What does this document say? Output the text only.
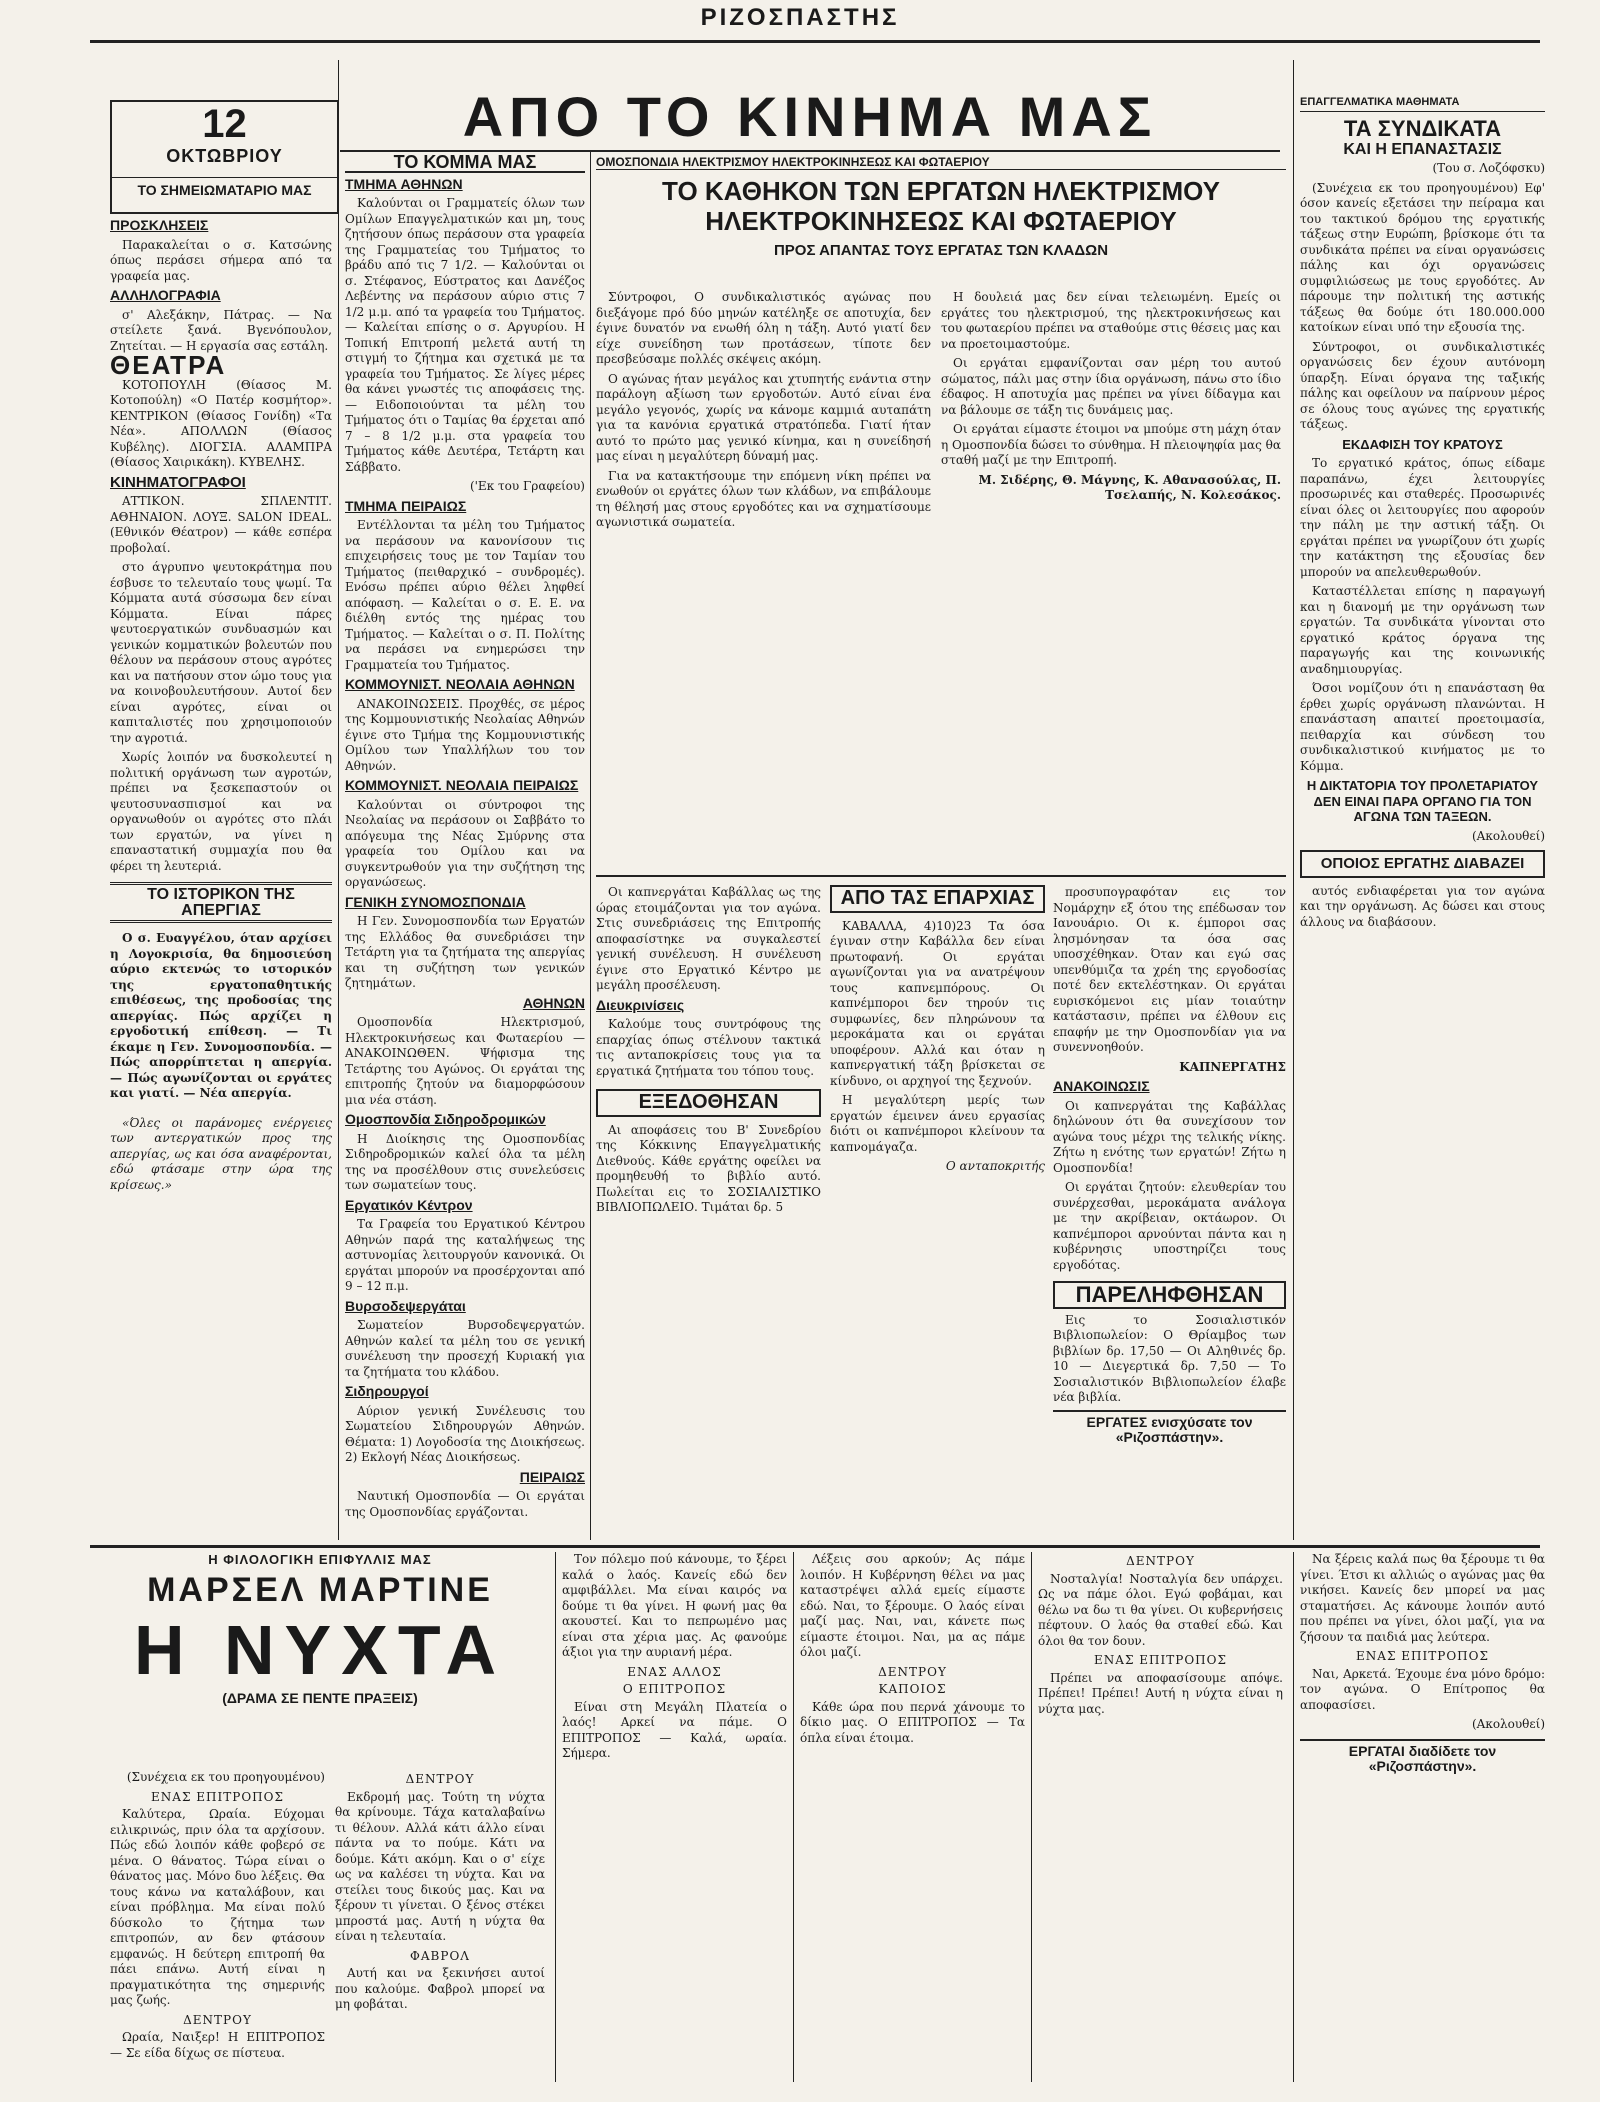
ΡΙΖΟΣΠΑΣΤΗΣ
ΑΠΟ ΤΟ ΚΙΝΗΜΑ ΜΑΣ
12
ΟΚΤΩΒΡΙΟΥ
ΤΟ ΣΗΜΕΙΩΜΑΤΑΡΙΟ ΜΑΣ

ΠΡΟΣΚΛΗΣΕΙΣ

Παρακαλείται ο σ. Κατσώνης όπως περάσει σήμερα από τα γραφεία μας.

ΑΛΛΗΛΟΓΡΑΦΙΑ

σ' Αλεξάκην, Πάτρας. — Να στείλετε ξανά. Βγενόπουλον, Ζητείται. — Η εργασία σας εστάλη.

ΘΕΑΤΡΑ

ΚΟΤΟΠΟΥΛΗ (Θίασος Μ. Κοτοπούλη) «Ο Πατέρ κοσμήτορ». ΚΕΝΤΡΙΚΟΝ (Θίασος Γονίδη) «Τα Νέα». ΑΠΟΛΛΩΝ (Θίασος Κυβέλης). ΔΙΟΓΣΙΑ. ΑΛΑΜΠΡΑ (Θίασος Χαιρικάκη). ΚΥΒΕΛΗΣ.

ΚΙΝΗΜΑΤΟΓΡΑΦΟΙ

ΑΤΤΙΚΟΝ. ΣΠΛΕΝΤΙΤ. ΑΘΗΝΑΙΟΝ. ΛΟΥΞ. SALON IDEAL. (Εθνικόν Θέατρον) — κάθε εσπέρα προβολαί.

στο άγρυπνο ψευτοκράτημα που έσβυσε το τελευταίο τους ψωμί. Τα Κόμματα αυτά σύσσωμα δεν είναι Κόμματα. Είναι πάρες ψευτοεργατικών συνδυασμών και γενικών κομματικών βολευτών που θέλουν να περάσουν στους αγρότες και να πατήσουν στον ώμο τους για να κοινοβουλευτήσουν. Αυτοί δεν είναι αγρότες, είναι οι καπιταλιστές που χρησιμοποιούν την αγροτιά.

Χωρίς λοιπόν να δυσκολευτεί η πολιτική οργάνωση των αγροτών, πρέπει να ξεσκεπαστούν οι ψευτοσυνασπισμοί και να οργανωθούν οι αγρότες στο πλάι των εργατών, να γίνει η επαναστατική συμμαχία που θα φέρει τη λευτεριά.

ΤΟ ΙΣΤΟΡΙΚΟΝ ΤΗΣ ΑΠΕΡΓΙΑΣ

Ο σ. Ευαγγέλου, όταν αρχίσει η Λογοκρισία, θα δημοσιεύση αύριο εκτενώς το ιστορικόν της εργατοπαθητικής επιθέσεως, της προδοσίας της απεργίας. Πώς αρχίζει η εργοδοτική επίθεση. — Τι έκαμε η Γεν. Συνομοσπονδία. — Πώς απορρίπτεται η απεργία. — Πώς αγωνίζονται οι εργάτες και γιατί. — Νέα απεργία.

«Όλες οι παράνομες ενέργειες των αντεργατικών προς της απεργίας, ως και όσα αναφέρονται, εδώ φτάσαμε στην ώρα της κρίσεως.»

ΤΟ ΚΟΜΜΑ ΜΑΣ

ΤΜΗΜΑ ΑΘΗΝΩΝ

Καλούνται οι Γραμματείς όλων των Ομίλων Επαγγελματικών και μη, τους ζητήσουν όπως περάσουν στα γραφεία της Γραμματείας του Τμήματος το βράδυ από τις 7 1/2. — Καλούνται οι σ. Στέφανος, Εύστρατος και Δανέζος Λεβέντης να περάσουν αύριο στις 7 1/2 μ.μ. από τα γραφεία του Τμήματος. — Καλείται επίσης ο σ. Αργυρίου. Η Τοπική Επιτροπή μελετά αυτή τη στιγμή το ζήτημα και σχετικά με τα γραφεία του Τμήματος. Σε λίγες μέρες θα κάνει γνωστές τις αποφάσεις της. — Ειδοποιούνται τα μέλη του Τμήματος ότι ο Ταμίας θα έρχεται από 7 – 8 1/2 μ.μ. στα γραφεία του Τμήματος κάθε Δευτέρα, Τετάρτη και Σάββατο.

('Εκ του Γραφείου)

ΤΜΗΜΑ ΠΕΙΡΑΙΩΣ

Εντέλλονται τα μέλη του Τμήματος να περάσουν να κανονίσουν τις επιχειρήσεις τους με τον Ταμίαν του Τμήματος (πειθαρχικό – συνδρομές). Ενόσω πρέπει αύριο θέλει ληφθεί απόφαση. — Καλείται ο σ. Ε. Ε. να διέλθη εντός της ημέρας του Τμήματος. — Καλείται ο σ. Π. Πολίτης να περάσει να ενημερώσει την Γραμματεία του Τμήματος.

ΚΟΜΜΟΥΝΙΣΤ. ΝΕΟΛΑΙΑ ΑΘΗΝΩΝ

ΑΝΑΚΟΙΝΩΣΕΙΣ. Προχθές, σε μέρος της Κομμουνιστικής Νεολαίας Αθηνών έγινε στο Τμήμα της Κομμουνιστικής Ομίλου των Υπαλλήλων του τον Αθηνών.

ΚΟΜΜΟΥΝΙΣΤ. ΝΕΟΛΑΙΑ ΠΕΙΡΑΙΩΣ

Καλούνται οι σύντροφοι της Νεολαίας να περάσουν οι Σαββάτο το απόγευμα της Νέας Σμύρνης στα γραφεία του Ομίλου και να συγκεντρωθούν για την συζήτηση της οργανώσεως.

ΓΕΝΙΚΗ ΣΥΝΟΜΟΣΠΟΝΔΙΑ

Η Γεν. Συνομοσπονδία των Εργατών της Ελλάδος θα συνεδριάσει την Τετάρτη για τα ζητήματα της απεργίας και τη συζήτηση των γενικών ζητημάτων.

ΑΘΗΝΩΝ

Ομοσπονδία Ηλεκτρισμού, Ηλεκτροκινήσεως και Φωταερίου — ΑΝΑΚΟΙΝΩΘΕΝ. Ψήφισμα της Τετάρτης του Αγώνος. Οι εργάται της επιτροπής ζητούν να διαμορφώσουν μια νέα στάση.

Ομοσπονδία Σιδηροδρομικών

Η Διοίκησις της Ομοσπονδίας Σιδηροδρομικών καλεί όλα τα μέλη της να προσέλθουν στις συνελεύσεις των σωματείων τους.

Εργατικόν Κέντρον

Τα Γραφεία του Εργατικού Κέντρου Αθηνών παρά της καταλήψεως της αστυνομίας λειτουργούν κανονικά. Οι εργάται μπορούν να προσέρχονται από 9 – 12 π.μ.

Βυρσοδεψεργάται

Σωματείον Βυρσοδεψεργατών. Αθηνών καλεί τα μέλη του σε γενική συνέλευση την προσεχή Κυριακή για τα ζητήματα του κλάδου.

Σιδηρουργοί

Αύριον γενική Συνέλευσις του Σωματείου Σιδηρουργών Αθηνών. Θέματα: 1) Λογοδοσία της Διοικήσεως. 2) Εκλογή Νέας Διοικήσεως.

ΠΕΙΡΑΙΩΣ

Ναυτική Ομοσπονδία — Οι εργάται της Ομοσπονδίας εργάζονται.

ΟΜΟΣΠΟΝΔΙΑ ΗΛΕΚΤΡΙΣΜΟΥ ΗΛΕΚΤΡΟΚΙΝΗΣΕΩΣ ΚΑΙ ΦΩΤΑΕΡΙΟΥ
ΤΟ ΚΑΘΗΚΟΝ ΤΩΝ ΕΡΓΑΤΩΝ ΗΛΕΚΤΡΙΣΜΟΥ ΗΛΕΚΤΡΟΚΙΝΗΣΕΩΣ ΚΑΙ ΦΩΤΑΕΡΙΟΥ
ΠΡΟΣ ΑΠΑΝΤΑΣ ΤΟΥΣ ΕΡΓΑΤΑΣ ΤΩΝ ΚΛΑΔΩΝ

Σύντροφοι, Ο συνδικαλιστικός αγώνας που διεξάγομε πρό δύο μηνών κατέληξε σε αποτυχία, δεν έγινε δυνατόν να ενωθή όλη η τάξη. Αυτό γιατί δεν είχε συνείδηση των προτάσεων, τίποτε δεν πρεσβεύσαμε πολλές σκέψεις ακόμη.

Ο αγώνας ήταν μεγάλος και χτυπητής ενάντια στην παράλογη αξίωση των εργοδοτών. Αυτό είναι ένα μεγάλο γεγονός, χωρίς να κάνομε καμμιά αυταπάτη για τα κανόνια εργατικά στρατόπεδα. Γιατί ήταν αυτό το πρώτο μας γενικό κίνημα, και η συνείδησή μας είναι η μεγαλύτερη δύναμή μας.

Για να κατακτήσουμε την επόμενη νίκη πρέπει να ενωθούν οι εργάτες όλων των κλάδων, να επιβάλουμε τη θέλησή μας στους εργοδότες και να σχηματίσουμε αγωνιστικά σωματεία.

Η δουλειά μας δεν είναι τελειωμένη. Εμείς οι εργάτες του ηλεκτρισμού, της ηλεκτροκινήσεως και του φωταερίου πρέπει να σταθούμε στις θέσεις μας και να προετοιμαστούμε.

Οι εργάται εμφανίζονται σαν μέρη του αυτού σώματος, πάλι μας στην ίδια οργάνωση, πάνω στο ίδιο έδαφος. Η αποτυχία μας πρέπει να γίνει δίδαγμα και να βάλουμε σε τάξη τις δυνάμεις μας.

Οι εργάται είμαστε έτοιμοι να μπούμε στη μάχη όταν η Ομοσπονδία δώσει το σύνθημα. Η πλειοψηφία μας θα σταθή μαζί με την Επιτροπή.

Μ. Σιδέρης, Θ. Μάγνης, Κ. Αθανασούλας, Π. Τσελαπής, Ν. Κολεσάκος.

Οι καπνεργάται Καβάλλας ως της ώρας ετοιμάζονται για τον αγώνα. Στις συνεδριάσεις της Επιτροπής αποφασίστηκε να συγκαλεστεί γενική συνέλευση. Η συνέλευση έγινε στο Εργατικό Κέντρο με μεγάλη προσέλευση.

Διευκρινίσεις

Καλούμε τους συντρόφους της επαρχίας όπως στέλνουν τακτικά τις ανταποκρίσεις τους για τα εργατικά ζητήματα του τόπου τους.

ΕΞΕΔΟΘΗΣΑΝ

Αι αποφάσεις του Β' Συνεδρίου της Κόκκινης Επαγγελματικής Διεθνούς. Κάθε εργάτης οφείλει να προμηθευθή το βιβλίο αυτό. Πωλείται εις το ΣΟΣΙΑΛΙΣΤΙΚΟ ΒΙΒΛΙΟΠΩΛΕΙΟ. Τιμάται δρ. 5

ΑΠΟ ΤΑΣ ΕΠΑΡΧΙΑΣ

ΚΑΒΑΛΛΑ, 4)10)23 Τα όσα έγιναν στην Καβάλλα δεν είναι πρωτοφανή. Οι εργάται αγωνίζονται για να ανατρέψουν τους καπνεμπόρους. Οι καπνέμποροι δεν τηρούν τις συμφωνίες, δεν πληρώνουν τα μεροκάματα και οι εργάται υποφέρουν. Αλλά και όταν η καπνεργατική τάξη βρίσκεται σε κίνδυνο, οι αρχηγοί της ξεχνούν.

Η μεγαλύτερη μερίς των εργατών έμεινεν άνευ εργασίας διότι οι καπνέμποροι κλείνουν τα καπνομάγαζα.

Ο ανταποκριτής

προσυπογραφόταν εις τον Νομάρχην εξ ότου της επέδωσαν τον Ιανουάριο. Οι κ. έμποροι σας λησμόνησαν τα όσα σας υποσχέθηκαν. Όταν και εγώ σας υπενθύμιζα τα χρέη της εργοδοσίας ποτέ δεν εκτελέστηκαν. Οι εργάται ευρισκόμενοι εις μίαν τοιαύτην κατάστασιν, πρέπει να έλθουν εις επαφήν με την Ομοσπονδίαν για να συνεννοηθούν.

ΚΑΠΝΕΡΓΑΤΗΣ

ΑΝΑΚΟΙΝΩΣΙΣ

Οι καπνεργάται της Καβάλλας δηλώνουν ότι θα συνεχίσουν τον αγώνα τους μέχρι της τελικής νίκης. Ζήτω η ενότης των εργατών! Ζήτω η Ομοσπονδία!

Οι εργάται ζητούν: ελευθερίαν του συνέρχεσθαι, μεροκάματα ανάλογα με την ακρίβειαν, οκτάωρον. Οι καπνέμποροι αρνούνται πάντα και η κυβέρνησις υποστηρίζει τους εργοδότας.

ΠΑΡΕΛΗΦΘΗΣΑΝ

Εις το Σοσιαλιστικόν Βιβλιοπωλείον: Ο Θρίαμβος των βιβλίων δρ. 17,50 — Οι Αληθινές δρ. 10 — Διεγερτικά δρ. 7,50 — Το Σοσιαλιστικόν Βιβλιοπωλείον έλαβε νέα βιβλία.

ΕΡΓΑΤΕΣ ενισχύσατε τον «Ριζοσπάστην».

ΕΠΑΓΓΕΛΜΑΤΙΚΑ ΜΑΘΗΜΑΤΑ

ΤΑ ΣΥΝΔΙΚΑΤΑ

ΚΑΙ Η ΕΠΑΝΑΣΤΑΣΙΣ

(Του σ. Λοζόφσκυ)

(Συνέχεια εκ του προηγουμένου) Εφ' όσον κανείς εξετάσει την πείραμα και του τακτικού δρόμου της εργατικής τάξεως στην Ευρώπη, βρίσκομε ότι τα συνδικάτα πρέπει να είναι οργανώσεις πάλης και όχι οργανώσεις συμφιλιώσεως με τους εργοδότες. Αν πάρουμε την πολιτική της αστικής τάξεως θα δούμε ότι 180.000.000 κατοίκων είναι υπό την εξουσία της.

Σύντροφοι, οι συνδικαλιστικές οργανώσεις δεν έχουν αυτόνομη ύπαρξη. Είναι όργανα της ταξικής πάλης και οφείλουν να παίρνουν μέρος σε όλους τους αγώνες της εργατικής τάξεως.

ΕΚΔΑΦΙΣΗ ΤΟΥ ΚΡΑΤΟΥΣ

Το εργατικό κράτος, όπως είδαμε παραπάνω, έχει λειτουργίες προσωρινές και σταθερές. Προσωρινές είναι όλες οι λειτουργίες που αφορούν την πάλη με την αστική τάξη. Οι εργάται πρέπει να γνωρίζουν ότι χωρίς την κατάκτηση της εξουσίας δεν μπορούν να απελευθερωθούν.

Καταστέλλεται επίσης η παραγωγή και η διανομή με την οργάνωση των εργατών. Τα συνδικάτα γίνονται στο εργατικό κράτος όργανα της παραγωγής και της κοινωνικής αναδημιουργίας.

Όσοι νομίζουν ότι η επανάσταση θα έρθει χωρίς οργάνωση πλανώνται. Η επανάσταση απαιτεί προετοιμασία, πειθαρχία και σύνδεση του συνδικαλιστικού κινήματος με το Κόμμα.

Η ΔΙΚΤΑΤΟΡΙΑ ΤΟΥ ΠΡΟΛΕΤΑΡΙΑΤΟΥ ΔΕΝ ΕΙΝΑΙ ΠΑΡΑ ΟΡΓΑΝΟ ΓΙΑ ΤΟΝ ΑΓΩΝΑ ΤΩΝ ΤΑΞΕΩΝ.

(Ακολουθεί)

ΟΠΟΙΟΣ ΕΡΓΑΤΗΣ ΔΙΑΒΑΖΕΙ

αυτός ενδιαφέρεται για τον αγώνα και την οργάνωση. Ας δώσει και στους άλλους να διαβάσουν.

Η ΦΙΛΟΛΟΓΙΚΗ ΕΠΙΦΥΛΛΙΣ ΜΑΣ
ΜΑΡΣΕΛ ΜΑΡΤΙΝΕ
Η ΝΥΧΤΑ
(ΔΡΑΜΑ ΣΕ ΠΕΝΤΕ ΠΡΑΞΕΙΣ)

(Συνέχεια εκ του προηγουμένου)

ΕΝΑΣ ΕΠΙΤΡΟΠΟΣ

Καλύτερα, Ωραία. Εύχομαι ειλικρινώς, πριν όλα τα αρχίσουν. Πώς εδώ λοιπόν κάθε φοβερό σε μένα. Ο θάνατος. Τώρα είναι ο θάνατος μας. Μόνο δυο λέξεις. Θα τους κάνω να καταλάβουν, και είναι πρόβλημα. Μα είναι πολύ δύσκολο το ζήτημα των επιτροπών, αν δεν φτάσουν εμφανώς. Η δεύτερη επιτροπή θα πάει επάνω. Αυτή είναι η πραγματικότητα της σημερινής μας ζωής.

ΔΕΝΤΡΟΥ

Ωραία, Ναιξερ! Η ΕΠΙΤΡΟΠΟΣ — Σε είδα δίχως σε πίστευα.

ΔΕΝΤΡΟΥ

Εκδρομή μας. Τούτη τη νύχτα θα κρίνουμε. Τάχα καταλαβαίνω τι θέλουν. Αλλά κάτι άλλο είναι πάντα να το πούμε. Κάτι να δούμε. Κάτι ακόμη. Και ο σ' είχε ως να καλέσει τη νύχτα. Και να στείλει τους δικούς μας. Και να ξέρουν τι γίνεται. Ο ξένος στέκει μπροστά μας. Αυτή η νύχτα θα είναι η τελευταία.

ΦΑΒΡΟΛ

Αυτή και να ξεκινήσει αυτοί που καλούμε. Φαβρολ μπορεί να μη φοβάται.

Τον πόλεμο πού κάνουμε, το ξέρει καλά ο λαός. Κανείς εδώ δεν αμφιβάλλει. Μα είναι καιρός να δούμε τι θα γίνει. Η φωνή μας θα ακουστεί. Και το πεπρωμένο μας είναι στα χέρια μας. Ας φανούμε άξιοι για την αυριανή μέρα.

ΕΝΑΣ ΑΛΛΟΣ

Ο ΕΠΙΤΡΟΠΟΣ

Είναι στη Μεγάλη Πλατεία ο λαός! Αρκεί να πάμε. Ο ΕΠΙΤΡΟΠΟΣ — Καλά, ωραία. Σήμερα.

Λέξεις σου αρκούν; Ας πάμε λοιπόν. Η Κυβέρνηση θέλει να μας καταστρέψει αλλά εμείς είμαστε εδώ. Ναι, το ξέρουμε. Ο λαός είναι μαζί μας. Ναι, ναι, κάνετε πως είμαστε έτοιμοι. Ναι, μα ας πάμε όλοι μαζί.

ΔΕΝΤΡΟΥ

ΚΑΠΟΙΟΣ

Κάθε ώρα που περνά χάνουμε το δίκιο μας. Ο ΕΠΙΤΡΟΠΟΣ — Τα όπλα είναι έτοιμα.

ΔΕΝΤΡΟΥ

Νοσταλγία! Νοσταλγία δεν υπάρχει. Ως να πάμε όλοι. Εγώ φοβάμαι, και θέλω να δω τι θα γίνει. Οι κυβερνήσεις πέφτουν. Ο λαός θα σταθεί εδώ. Και όλοι θα τον δουν.

ΕΝΑΣ ΕΠΙΤΡΟΠΟΣ

Πρέπει να αποφασίσουμε απόψε. Πρέπει! Πρέπει! Αυτή η νύχτα είναι η νύχτα μας.

Να ξέρεις καλά πως θα ξέρουμε τι θα γίνει. Έτσι κι αλλιώς ο αγώνας μας θα νικήσει. Κανείς δεν μπορεί να μας σταματήσει. Ας κάνουμε λοιπόν αυτό που πρέπει να γίνει, όλοι μαζί, για να ζήσουν τα παιδιά μας λεύτερα.

ΕΝΑΣ ΕΠΙΤΡΟΠΟΣ

Ναι, Αρκετά. Έχουμε ένα μόνο δρόμο: τον αγώνα. Ο Επίτροπος θα αποφασίσει.

(Ακολουθεί)

ΕΡΓΑΤΑΙ διαδίδετε τον «Ριζοσπάστην».
